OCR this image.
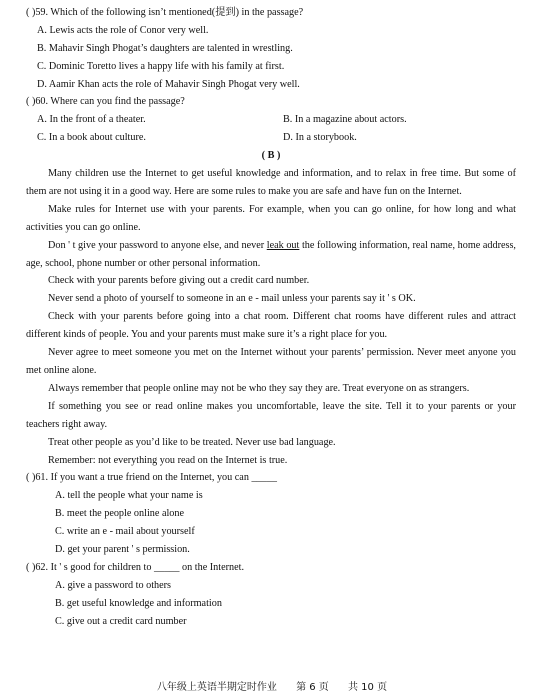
( )59. Which of the following isn’t mentioned(提到) in the passage?
A. Lewis acts the role of Conor very well.
B. Mahavir Singh Phogat’s daughters are talented in wrestling.
C. Dominic Toretto lives a happy life with his family at first.
D. Aamir Khan acts the role of Mahavir Singh Phogat very well.
( )60. Where can you find the passage?
A. In the front of a theater.	B. In a magazine about actors.
C. In a book about culture.	D. In a storybook.
( B )
Many children use the Internet to get useful knowledge and information, and to relax in free time. But some of them are not using it in a good way. Here are some rules to make you are safe and have fun on the Internet.
Make rules for Internet use with your parents. For example, when you can go online, for how long and what activities you can go online.
Don ' t give your password to anyone else, and never leak out the following information, real name, home address, age, school, phone number or other personal information.
Check with your parents before giving out a credit card number.
Never send a photo of yourself to someone in an e - mail unless your parents say it ' s OK.
Check with your parents before going into a chat room. Different chat rooms have different rules and attract different kinds of people. You and your parents must make sure it’s a right place for you.
Never agree to meet someone you met on the Internet without your parents’ permission. Never meet anyone you met online alone.
Always remember that people online may not be who they say they are. Treat everyone on as strangers.
If something you see or read online makes you uncomfortable, leave the site. Tell it to your parents or your teachers right away.
Treat other people as you’d like to be treated. Never use bad language.
Remember: not everything you read on the Internet is true.
( )61. If you want a true friend on the Internet, you can _____
A. tell the people what your name is
B. meet the people online alone
C. write an e - mail about yourself
D. get your parent ' s permission.
( )62. It ' s good for children to _____ on the Internet.
A. give a password to others
B. get useful knowledge and information
C. give out a credit card number
八年级上英语半期定时作业 第 6 页 共 10 页
